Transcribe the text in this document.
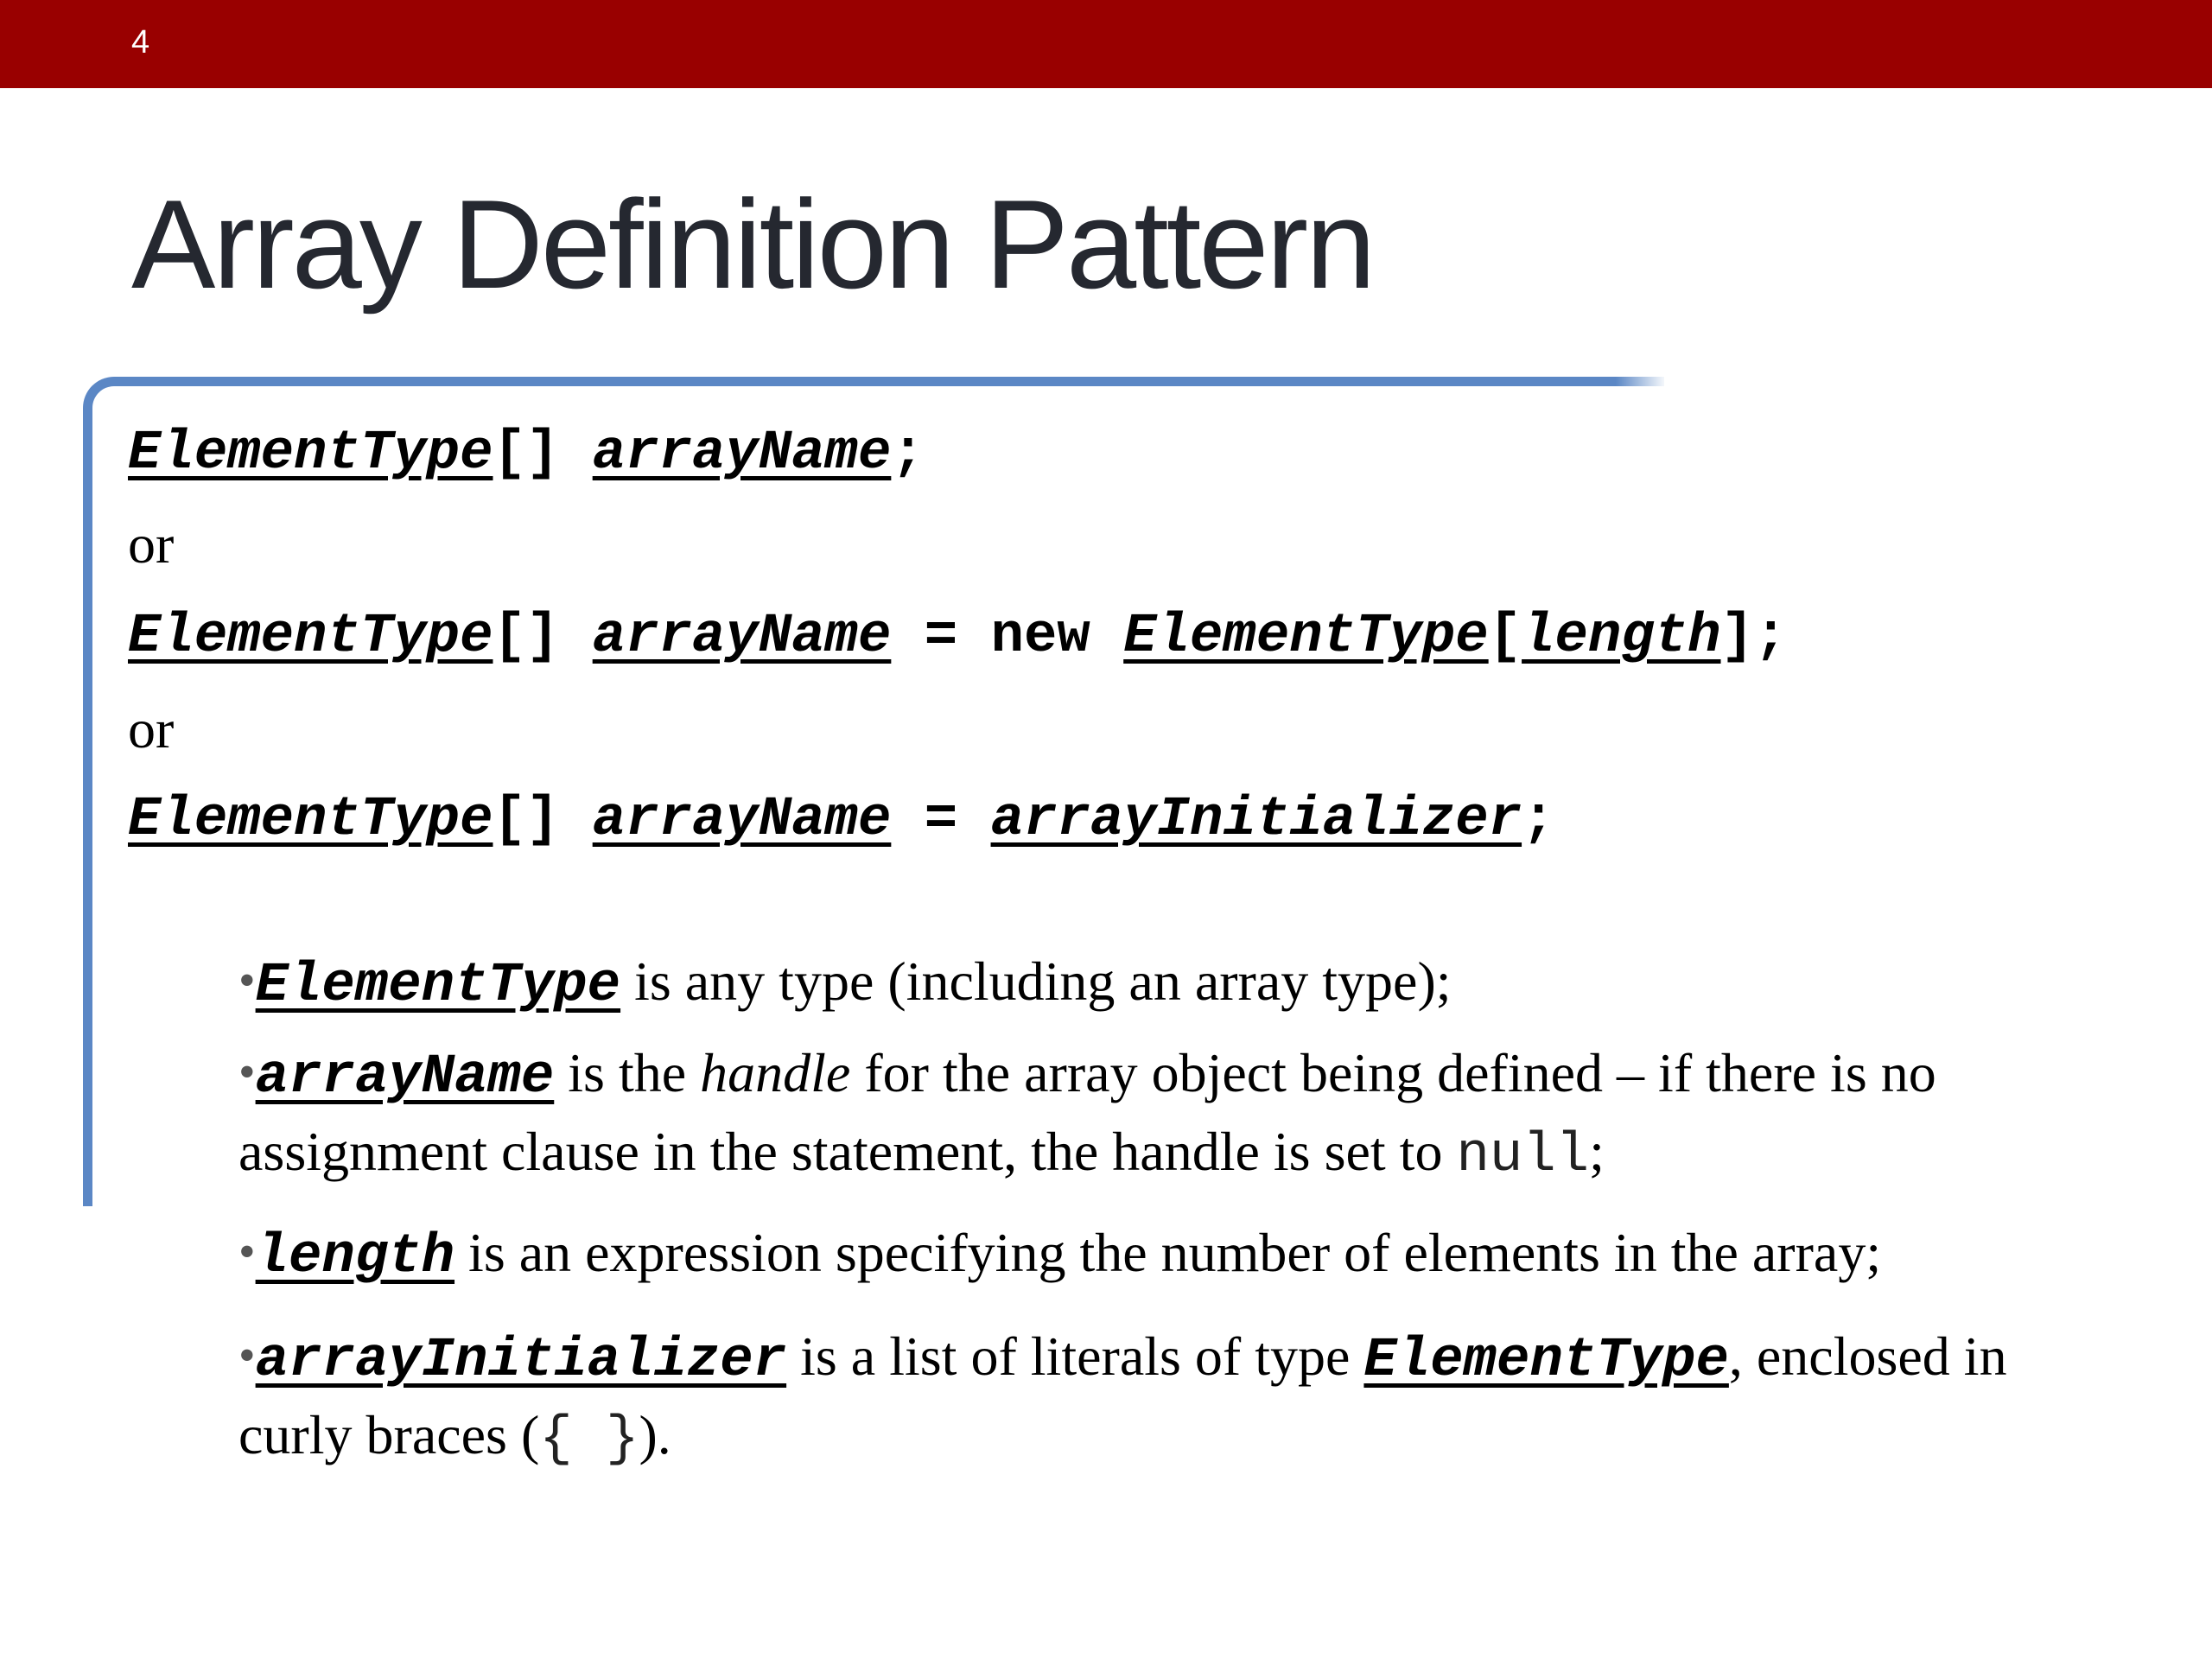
4
Array Definition Pattern
ElementType[] arrayName;
or
ElementType[] arrayName = new ElementType[length];
or
ElementType[] arrayName = arrayInitializer;
•ElementType is any type (including an array type);
•arrayName is the handle for the array object being defined – if there is no assignment clause in the statement, the handle is set to null;
•length is an expression specifying the number of elements in the array;
•arrayInitializer is a list of literals of type ElementType, enclosed in curly braces ({ }).
